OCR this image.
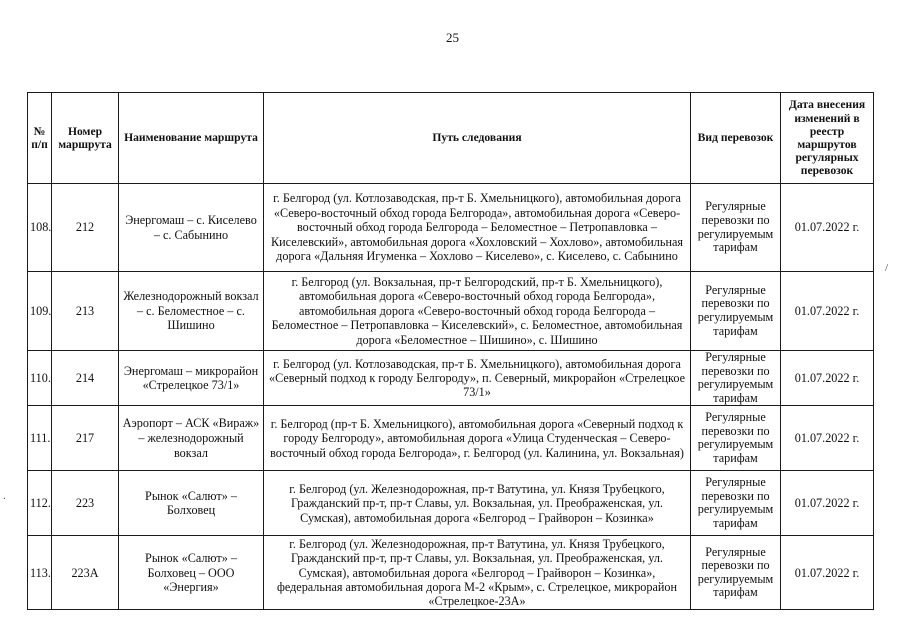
25
№ п/п	Номер маршрута	Наименование маршрута	Путь следования	Вид перевозок	Дата внесения изменений в реестр маршрутов регулярных перевозок
108.	212	Энергомаш – с. Киселево – с. Сабынино	г. Белгород (ул. Котлозаводская, пр-т Б. Хмельницкого), автомобильная дорога «Северо-восточный обход города Белгорода», автомобильная дорога «Северо-восточный обход города Белгорода – Беломестное – Петропавловка – Киселевский», автомобильная дорога «Хохловский – Хохлово», автомобильная дорога «Дальняя Игуменка – Хохлово – Киселево», с. Киселево, с. Сабынино	Регулярные перевозки по регулируемым тарифам	01.07.2022 г.
109.	213	Железнодорожный вокзал – с. Беломестное – с. Шишино	г. Белгород (ул. Вокзальная, пр-т Белгородский, пр-т Б. Хмельницкого), автомобильная дорога «Северо-восточный обход города Белгорода», автомобильная дорога «Северо-восточный обход города Белгорода – Беломестное – Петропавловка – Киселевский», с. Беломестное, автомобильная дорога «Беломестное – Шишино», с. Шишино	Регулярные перевозки по регулируемым тарифам	01.07.2022 г.
110.	214	Энергомаш – микрорайон «Стрелецкое 73/1»	г. Белгород (ул. Котлозаводская, пр-т Б. Хмельницкого), автомобильная дорога «Северный подход к городу Белгороду», п. Северный, микрорайон «Стрелецкое 73/1»	Регулярные перевозки по регулируемым тарифам	01.07.2022 г.
111.	217	Аэропорт – АСК «Вираж» – железнодорожный вокзал	г. Белгород (пр-т Б. Хмельницкого), автомобильная дорога «Северный подход к городу Белгороду», автомобильная дорога «Улица Студенческая – Северо-восточный обход города Белгорода», г. Белгород (ул. Калинина, ул. Вокзальная)	Регулярные перевозки по регулируемым тарифам	01.07.2022 г.
112.	223	Рынок «Салют» – Болховец	г. Белгород (ул. Железнодорожная, пр-т Ватутина, ул. Князя Трубецкого, Гражданский пр-т, пр-т Славы, ул. Вокзальная, ул. Преображенская, ул. Сумская), автомобильная дорога «Белгород – Грайворон – Козинка»	Регулярные перевозки по регулируемым тарифам	01.07.2022 г.
113.	223А	Рынок «Салют» – Болховец – ООО «Энергия»	г. Белгород (ул. Железнодорожная, пр-т Ватутина, ул. Князя Трубецкого, Гражданский пр-т, пр-т Славы, ул. Вокзальная, ул. Преображенская, ул. Сумская), автомобильная дорога «Белгород – Грайворон – Козинка», федеральная автомобильная дорога М-2 «Крым», с. Стрелецкое, микрорайон «Стрелецкое-23А»	Регулярные перевозки по регулируемым тарифам	01.07.2022 г.
/
.
